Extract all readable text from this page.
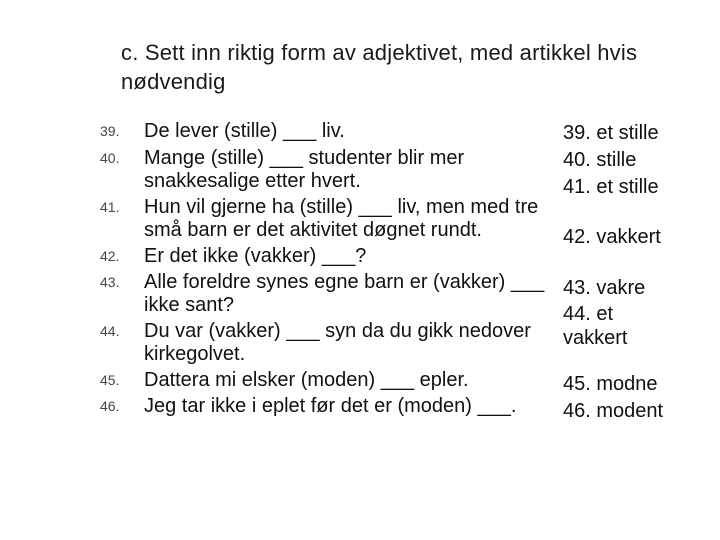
c. Sett inn riktig form av adjektivet, med artikkel hvis nødvendig
39.	De lever (stille) ___ liv.
40.	Mange (stille) ___ studenter blir mer snakkesalige etter hvert.
41.	Hun vil gjerne ha (stille) ___ liv, men med tre små barn er det aktivitet døgnet rundt.
42.	Er det ikke (vakker) ___?
43.	Alle foreldre synes egne barn er (vakker) ___ ikke sant?
44.	Du var (vakker) ___ syn da du gikk nedover kirkegolvet.
45.	Dattera mi elsker (moden) ___ epler.
46.	Jeg tar ikke i eplet før det er (moden) ___.
39. et stille
40. stille
41. et stille
42. vakkert
43. vakre
44. et
vakkert
45. modne
46. modent
